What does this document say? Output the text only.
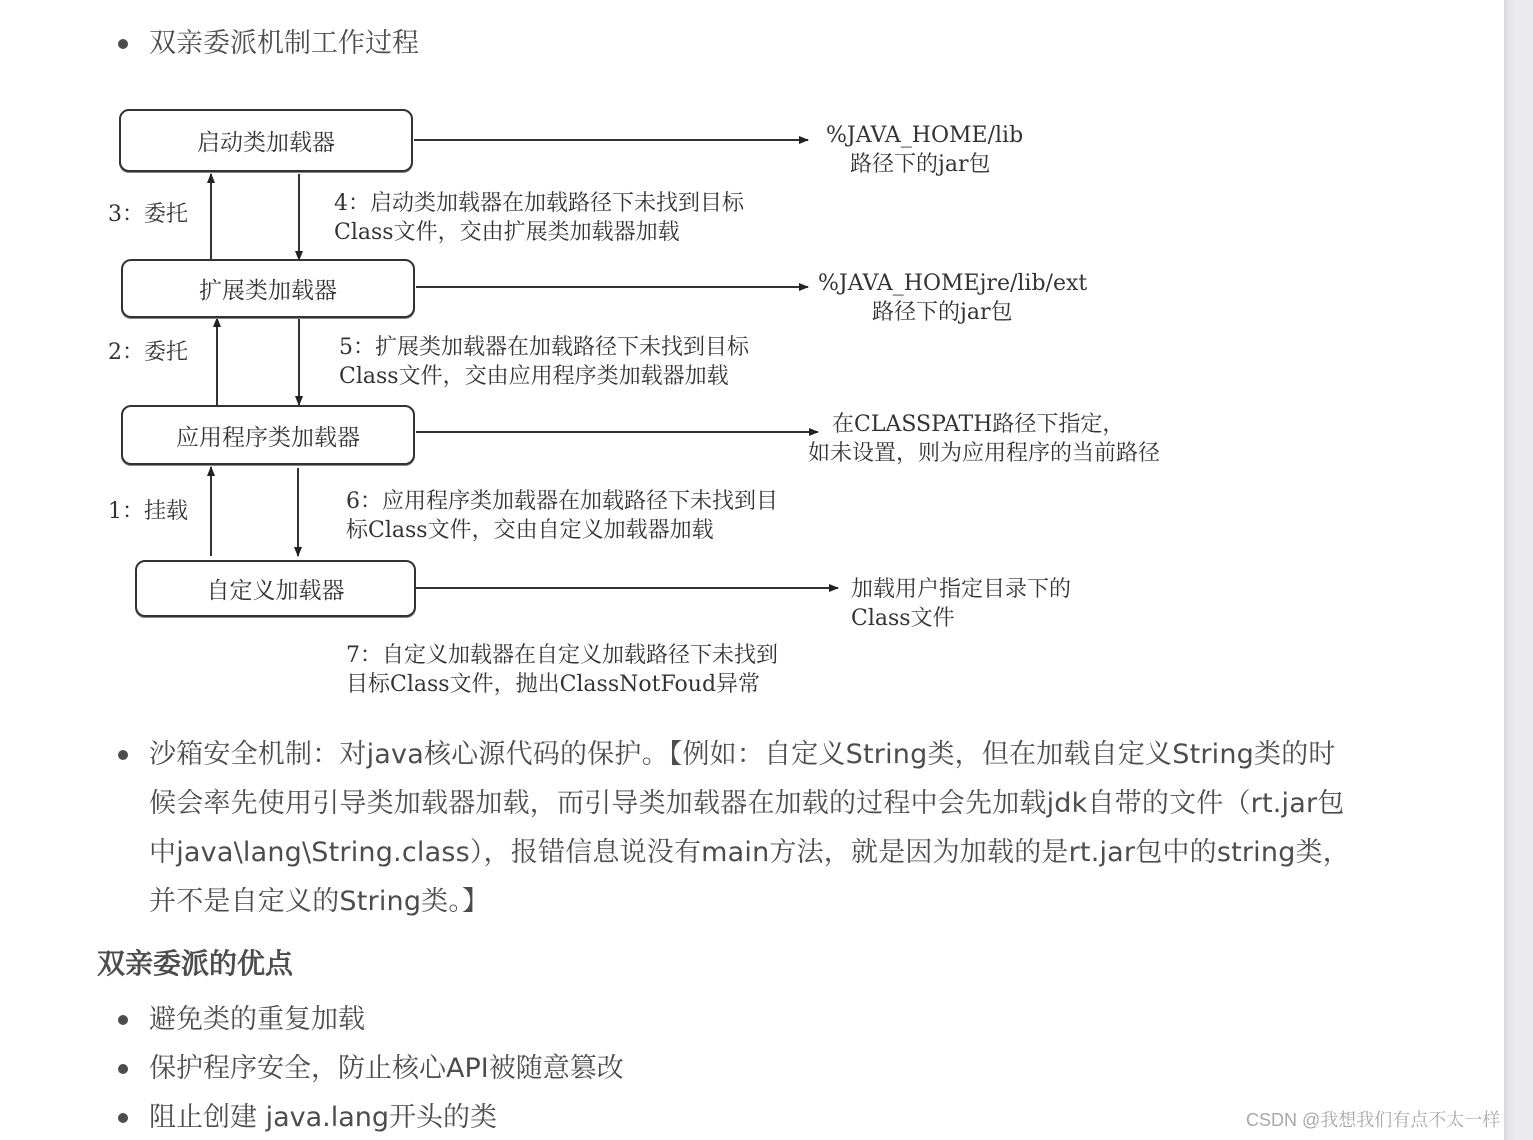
双亲委派机制工作过程
启动类加载器
扩展类加载器
应用程序类加载器
自定义加载器
3：委托
2：委托
1：挂载
4：启动类加载器在加载路径下未找到目标
Class文件，交由扩展类加载器加载
5：扩展类加载器在加载路径下未找到目标
Class文件，交由应用程序类加载器加载
6：应用程序类加载器在加载路径下未找到目
标Class文件，交由自定义加载器加载
7：自定义加载器在自定义加载路径下未找到
目标Class文件，抛出ClassNotFoud异常
%JAVA_HOME/lib
路径下的jar包
%JAVA_HOMEjre/lib/ext
路径下的jar包
在CLASSPATH路径下指定，
如未设置，则为应用程序的当前路径
加载用户指定目录下的
Class文件
沙箱安全机制：对java核心源代码的保护。【例如：自定义String类，但在加载自定义String类的时
候会率先使用引导类加载器加载，而引导类加载器在加载的过程中会先加载jdk自带的文件（rt.jar包
中java\lang\String.class），报错信息说没有main方法，就是因为加载的是rt.jar包中的string类，
并不是自定义的String类。】
双亲委派的优点
避免类的重复加载
保护程序安全，防止核心API被随意篡改
阻止创建 java.lang开头的类	CSDN @我想我们有点不太一样
